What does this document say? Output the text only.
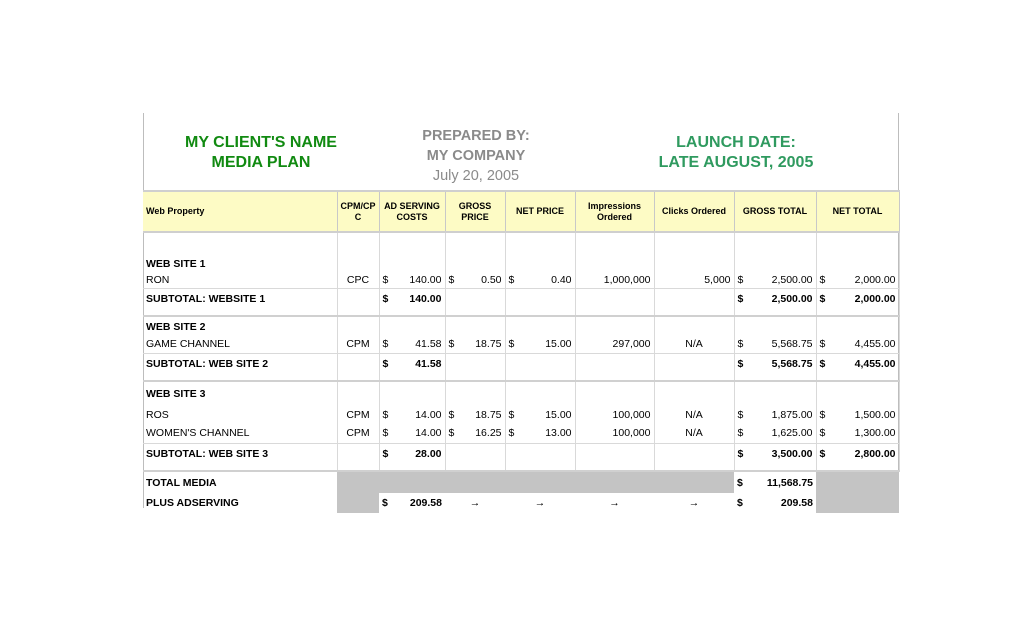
MY CLIENT'S NAME
MEDIA PLAN
PREPARED BY:
MY COMPANY
July 20, 2005
LAUNCH DATE:
LATE AUGUST, 2005
Web Property	CPM/CP C	AD SERVING COSTS	GROSS PRICE	NET PRICE	Impressions Ordered	Clicks Ordered	GROSS TOTAL	NET TOTAL
WEB SITE 1								
RON	CPC	$ 140.00	$ 0.50	$ 0.40	1,000,000	5,000	$ 2,500.00	$ 2,000.00

SUBTOTAL: WEBSITE 1		$ 140.00					$ 2,500.00	$ 2,000.00

WEB SITE 2								
GAME CHANNEL	CPM	$ 41.58	$ 18.75	$ 15.00	297,000	N/A	$ 5,568.75	$ 4,455.00

SUBTOTAL: WEB SITE 2		$ 41.58					$ 5,568.75	$ 4,455.00

WEB SITE 3								
ROS	CPM	$ 14.00	$ 18.75	$ 15.00	100,000	N/A	$ 1,875.00	$ 1,500.00

WOMEN'S CHANNEL	CPM	$ 14.00	$ 16.25	$ 13.00	100,000	N/A	$ 1,625.00	$ 1,300.00

SUBTOTAL: WEB SITE 3		$ 28.00					$ 3,500.00	$ 2,800.00

TOTAL MEDIA							$ 11,568.75	

PLUS ADSERVING		$ 209.58	→	→	→	→	$ 209.58	
